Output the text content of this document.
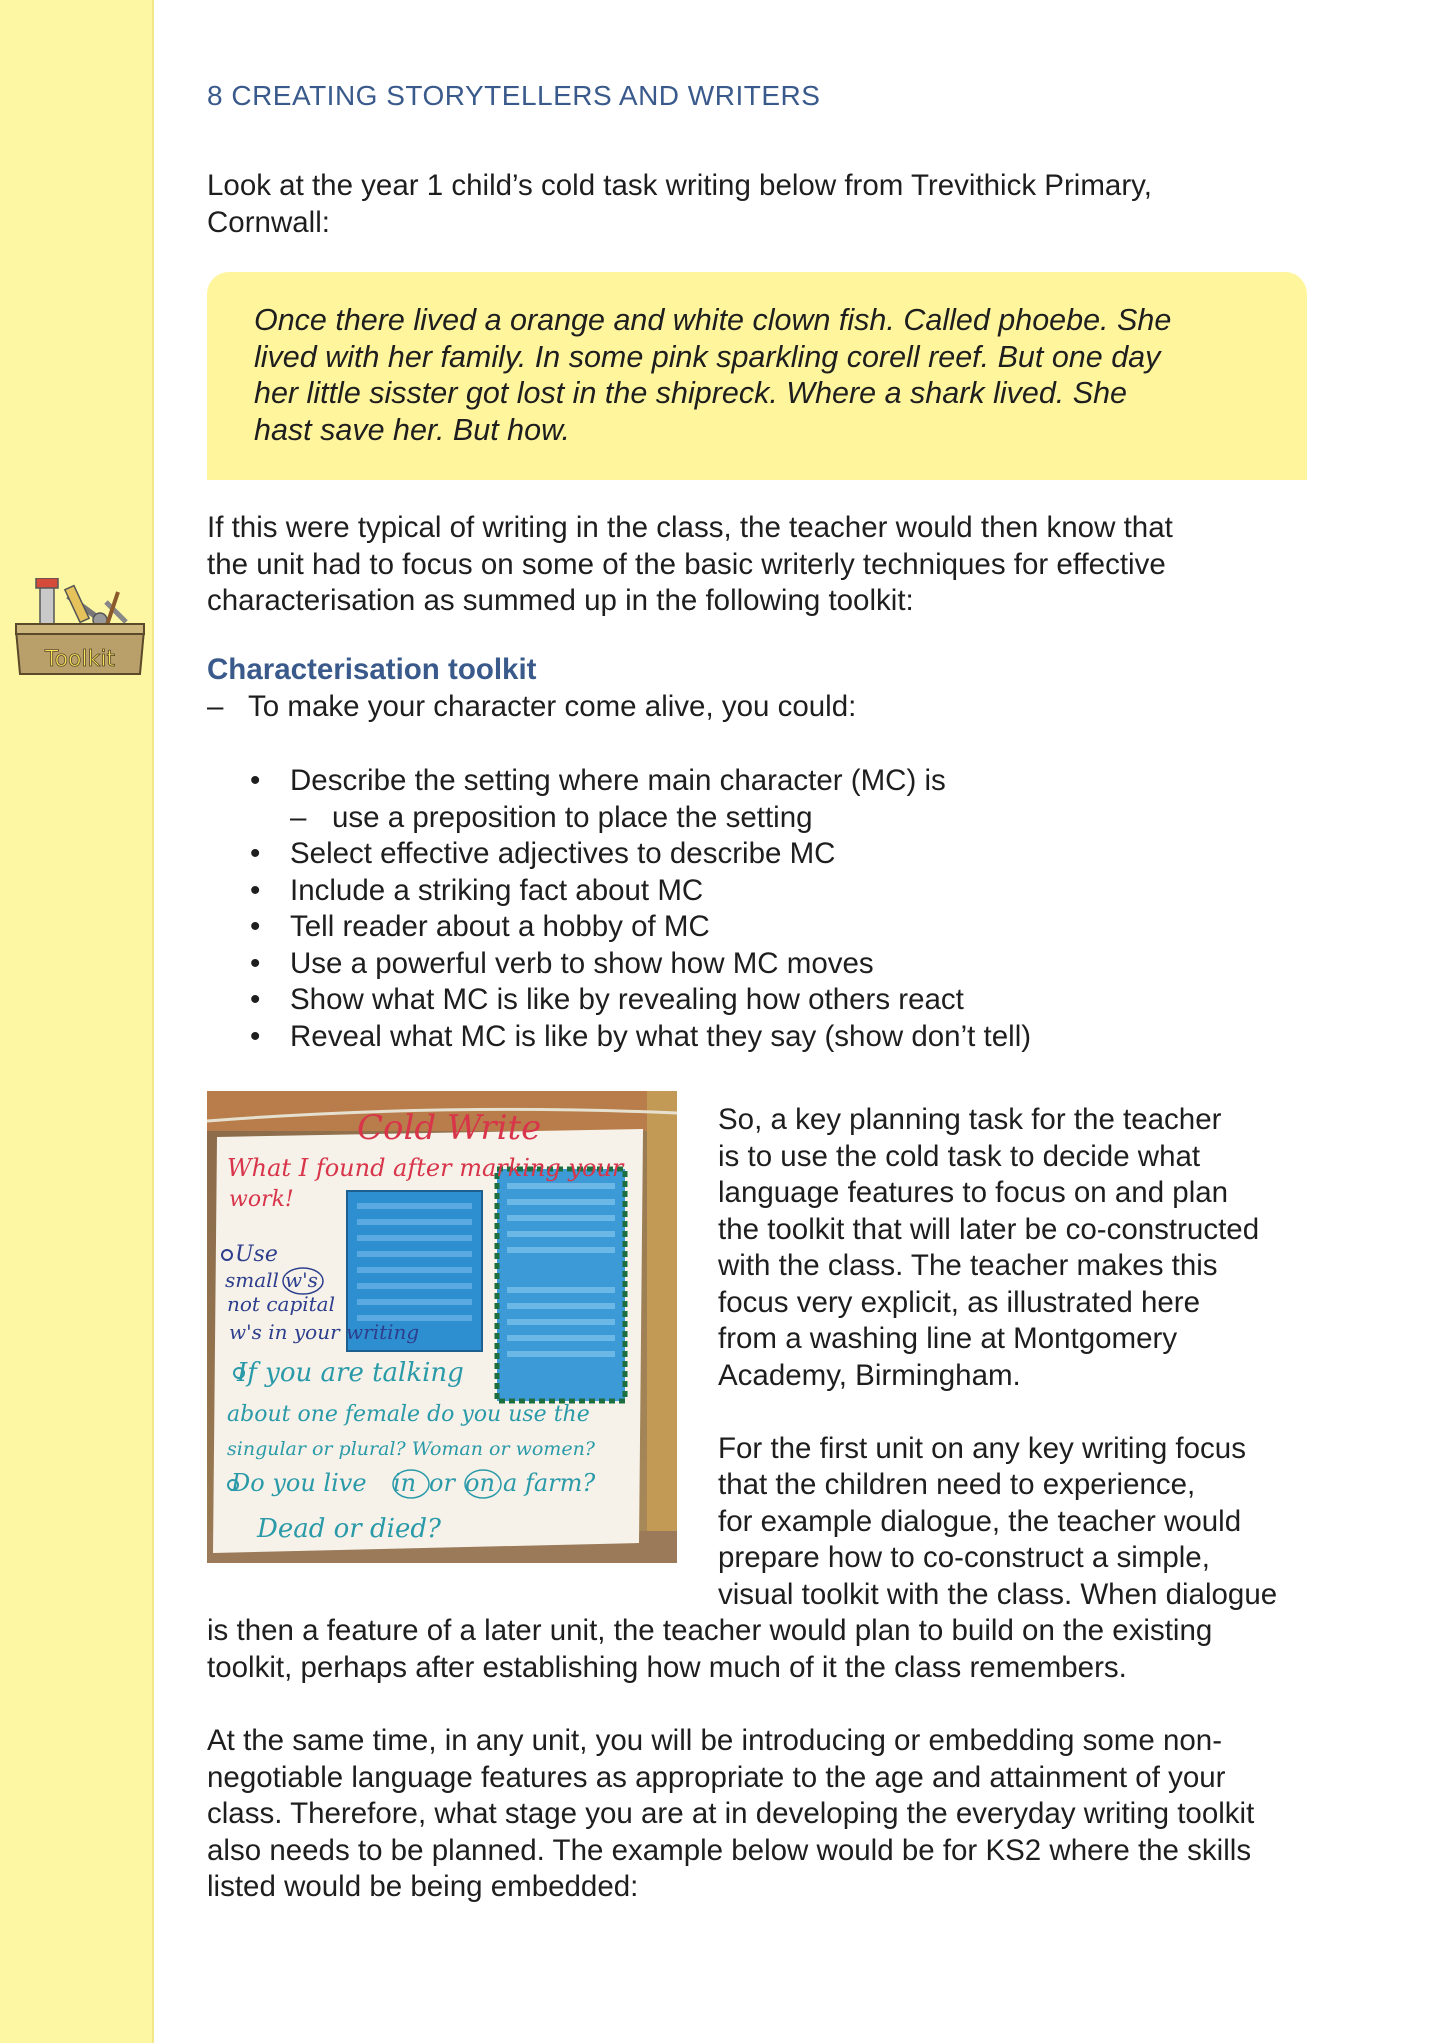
Toolkit
8 CREATING STORYTELLERS AND WRITERS
Look at the year 1 child’s cold task writing below from Trevithick Primary,
Cornwall:
Once there lived a orange and white clown fish. Called phoebe. She
lived with her family. In some pink sparkling corell reef. But one day
her little sisster got lost in the shipreck. Where a shark lived. She
hast save her. But how.
If this were typical of writing in the class, the teacher would then know that
the unit had to focus on some of the basic writerly techniques for effective
characterisation as summed up in the following toolkit:
Characterisation toolkit
– To make your character come alive, you could:
• Describe the setting where main character (MC) is
– use a preposition to place the setting
• Select effective adjectives to describe MC
• Include a striking fact about MC
• Tell reader about a hobby of MC
• Use a powerful verb to show how MC moves
• Show what MC is like by revealing how others react
• Reveal what MC is like by what they say (show don’t tell)
Cold Write
What I found after marking your
work!
Use
small w's
not capital
w's in your writing
If you are talking
about one female do you use the
singular or plural? Woman or women?
Do you live in or on a farm?
Dead or died?
So, a key planning task for the teacher
is to use the cold task to decide what
language features to focus on and plan
the toolkit that will later be co-constructed
with the class. The teacher makes this
focus very explicit, as illustrated here
from a washing line at Montgomery
Academy, Birmingham.
For the first unit on any key writing focus
that the children need to experience,
for example dialogue, the teacher would
prepare how to co-construct a simple,
visual toolkit with the class. When dialogue
is then a feature of a later unit, the teacher would plan to build on the existing
toolkit, perhaps after establishing how much of it the class remembers.
At the same time, in any unit, you will be introducing or embedding some non-
negotiable language features as appropriate to the age and attainment of your
class. Therefore, what stage you are at in developing the everyday writing toolkit
also needs to be planned. The example below would be for KS2 where the skills
listed would be being embedded:
